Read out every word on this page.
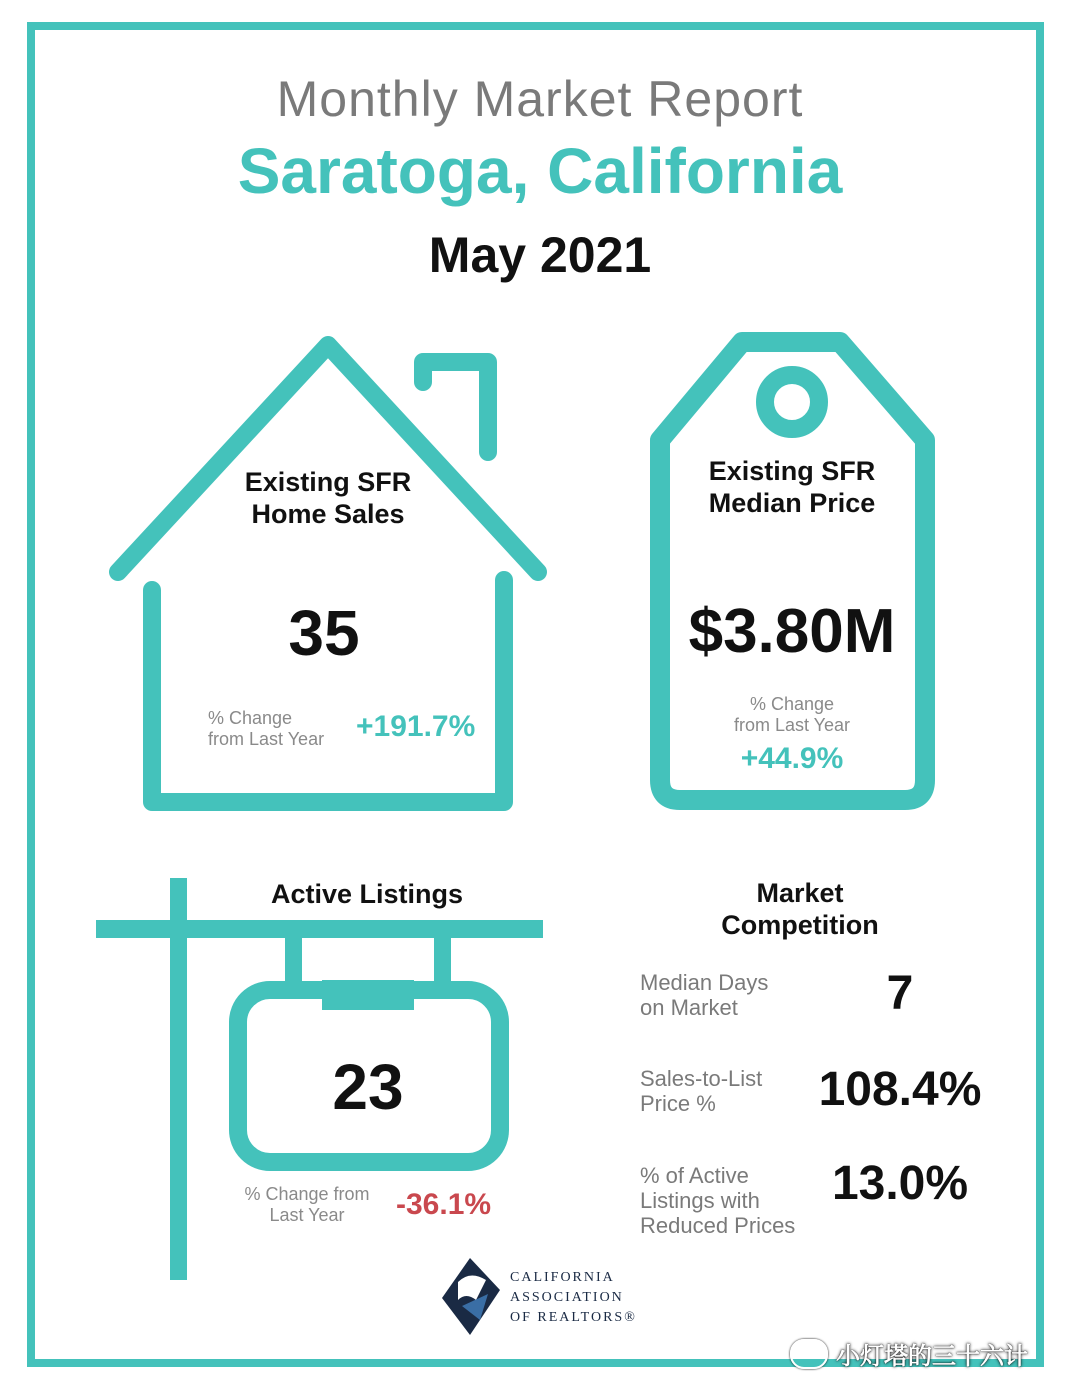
Monthly Market Report
Saratoga, California
May 2021
Existing SFR
Home Sales
35
% Change
from Last Year +191.7%
Existing SFR
Median Price
$3.80M
% Change
from Last Year
+44.9%
Active Listings
23
% Change from
Last Year	-36.1%
Market
Competition
Median Days
on Market	7
Sales-to-List
Price %	108.4%
% of Active
Listings with
Reduced Prices
13.0%
CALIFORNIA
ASSOCIATION
OF REALTORS®
小灯塔的三十六计
